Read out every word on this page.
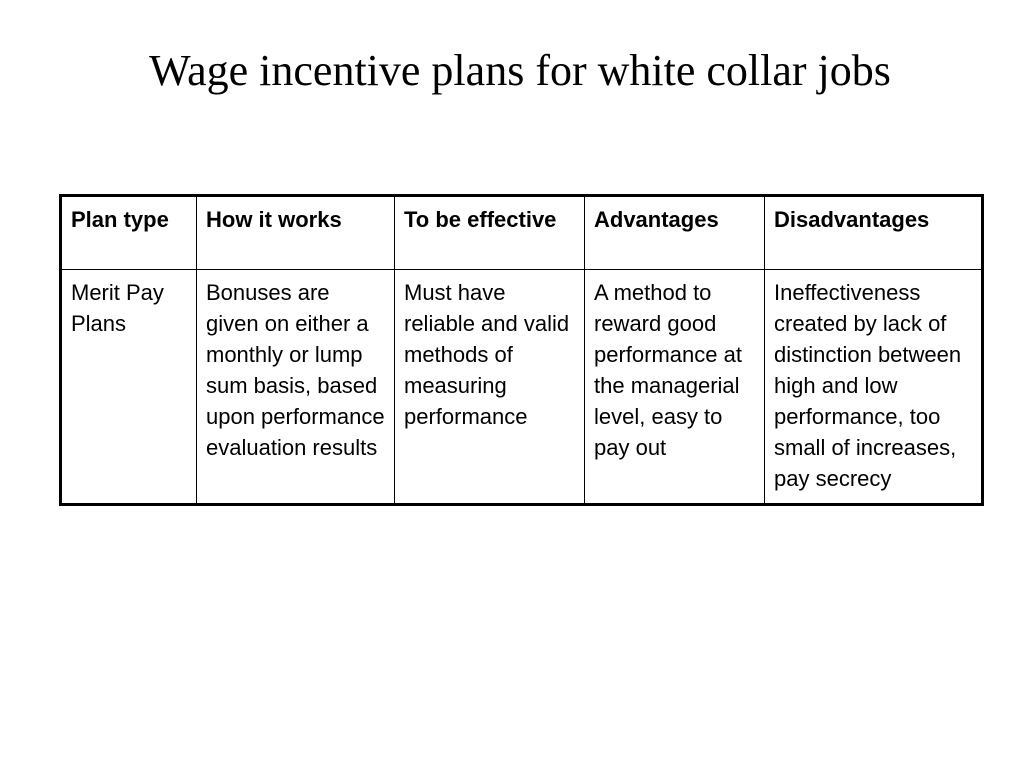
Wage incentive plans for white collar jobs
Plan type	How it works	To be effective	Advantages	Disadvantages
Merit Pay Plans	Bonuses are given on either a monthly or lump sum basis, based upon performance evaluation results	Must have reliable and valid methods of measuring performance	A method to reward good performance at the managerial level, easy to pay out	Ineffectiveness created by lack of distinction between high and low performance, too small of increases, pay secrecy
